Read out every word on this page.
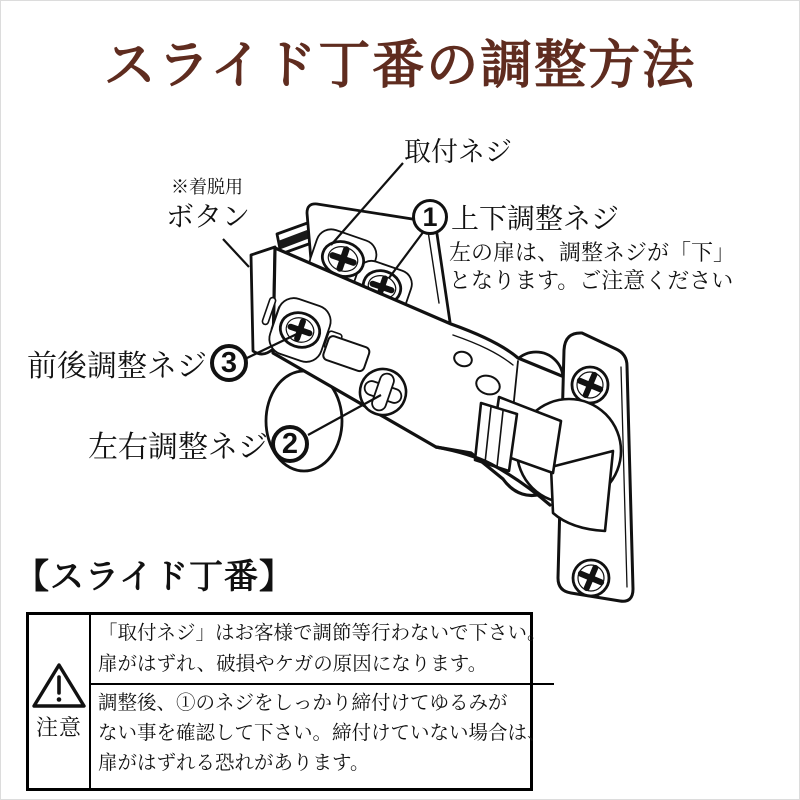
スライド丁番の調整方法
取付ネジ
※着脱用
ボタン	1 上下調整ネジ
左の扉は、調整ネジが「下」
となります。ご注意ください
前後調整ネジ 3
左右調整ネジ 2
【スライド丁番】
注意
「取付ネジ」はお客様で調節等行わないで下さい。
扉がはずれ、破損やケガの原因になります。
調整後、①のネジをしっかり締付けてゆるみが
ない事を確認して下さい。締付けていない場合は、
扉がはずれる恐れがあります。
